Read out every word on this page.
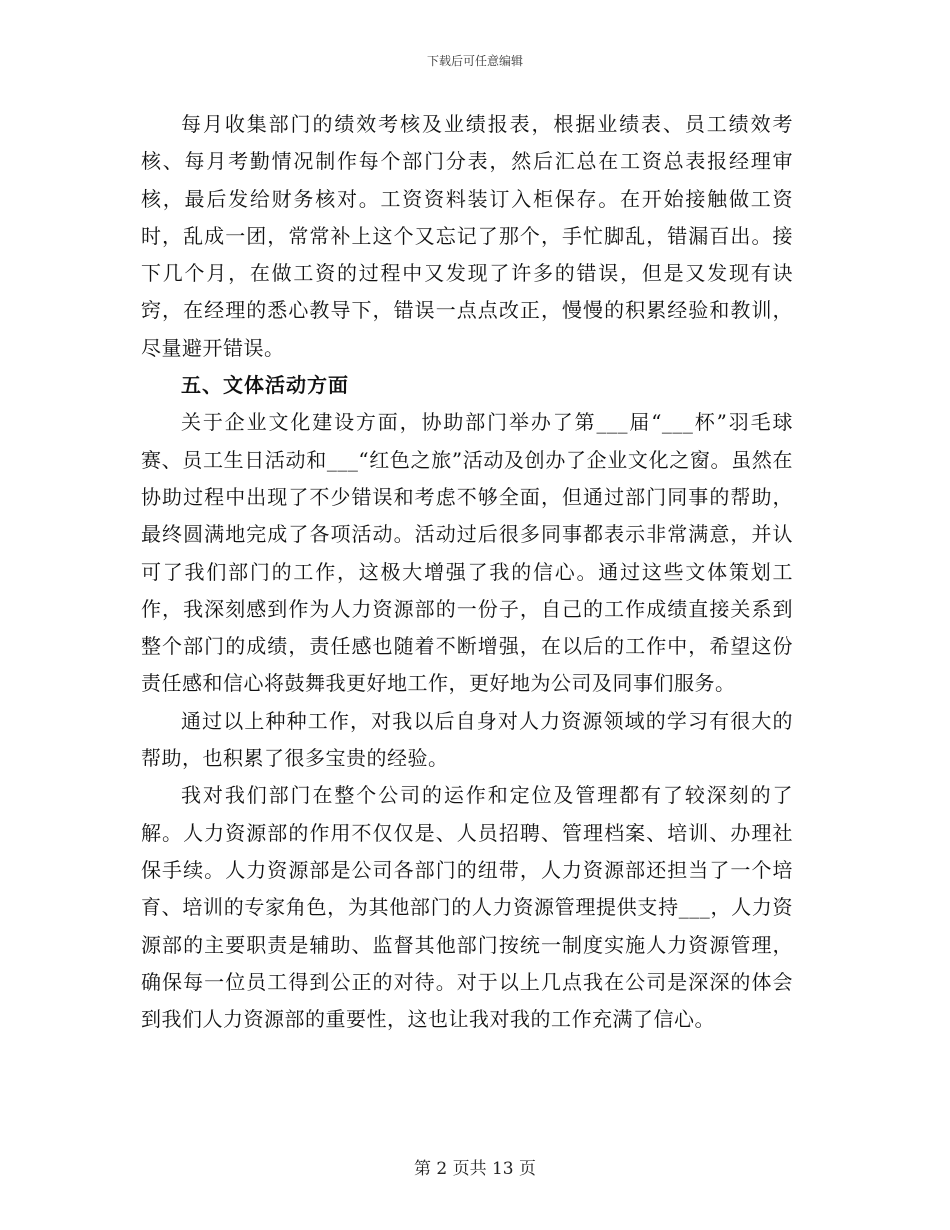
下载后可任意编辑

每月收集部门的绩效考核及业绩报表，根据业绩表、员工绩效考核、每月考勤情况制作每个部门分表，然后汇总在工资总表报经理审核，最后发给财务核对。工资资料装订入柜保存。在开始接触做工资时，乱成一团，常常补上这个又忘记了那个，手忙脚乱，错漏百出。接下几个月，在做工资的过程中又发现了许多的错误，但是又发现有诀窍，在经理的悉心教导下，错误一点点改正，慢慢的积累经验和教训，尽量避开错误。

五、文体活动方面

关于企业文化建设方面，协助部门举办了第___届“___杯”羽毛球赛、员工生日活动和___“红色之旅”活动及创办了企业文化之窗。虽然在协助过程中出现了不少错误和考虑不够全面，但通过部门同事的帮助，最终圆满地完成了各项活动。活动过后很多同事都表示非常满意，并认可了我们部门的工作，这极大增强了我的信心。通过这些文体策划工作，我深刻感到作为人力资源部的一份子，自己的工作成绩直接关系到整个部门的成绩，责任感也随着不断增强，在以后的工作中，希望这份责任感和信心将鼓舞我更好地工作，更好地为公司及同事们服务。

通过以上种种工作，对我以后自身对人力资源领域的学习有很大的帮助，也积累了很多宝贵的经验。

我对我们部门在整个公司的运作和定位及管理都有了较深刻的了解。人力资源部的作用不仅仅是、人员招聘、管理档案、培训、办理社保手续。人力资源部是公司各部门的纽带，人力资源部还担当了一个培育、培训的专家角色，为其他部门的人力资源管理提供支持___，人力资源部的主要职责是辅助、监督其他部门按统一制度实施人力资源管理，确保每一位员工得到公正的对待。对于以上几点我在公司是深深的体会到我们人力资源部的重要性，这也让我对我的工作充满了信心。

第 2 页共 13 页
